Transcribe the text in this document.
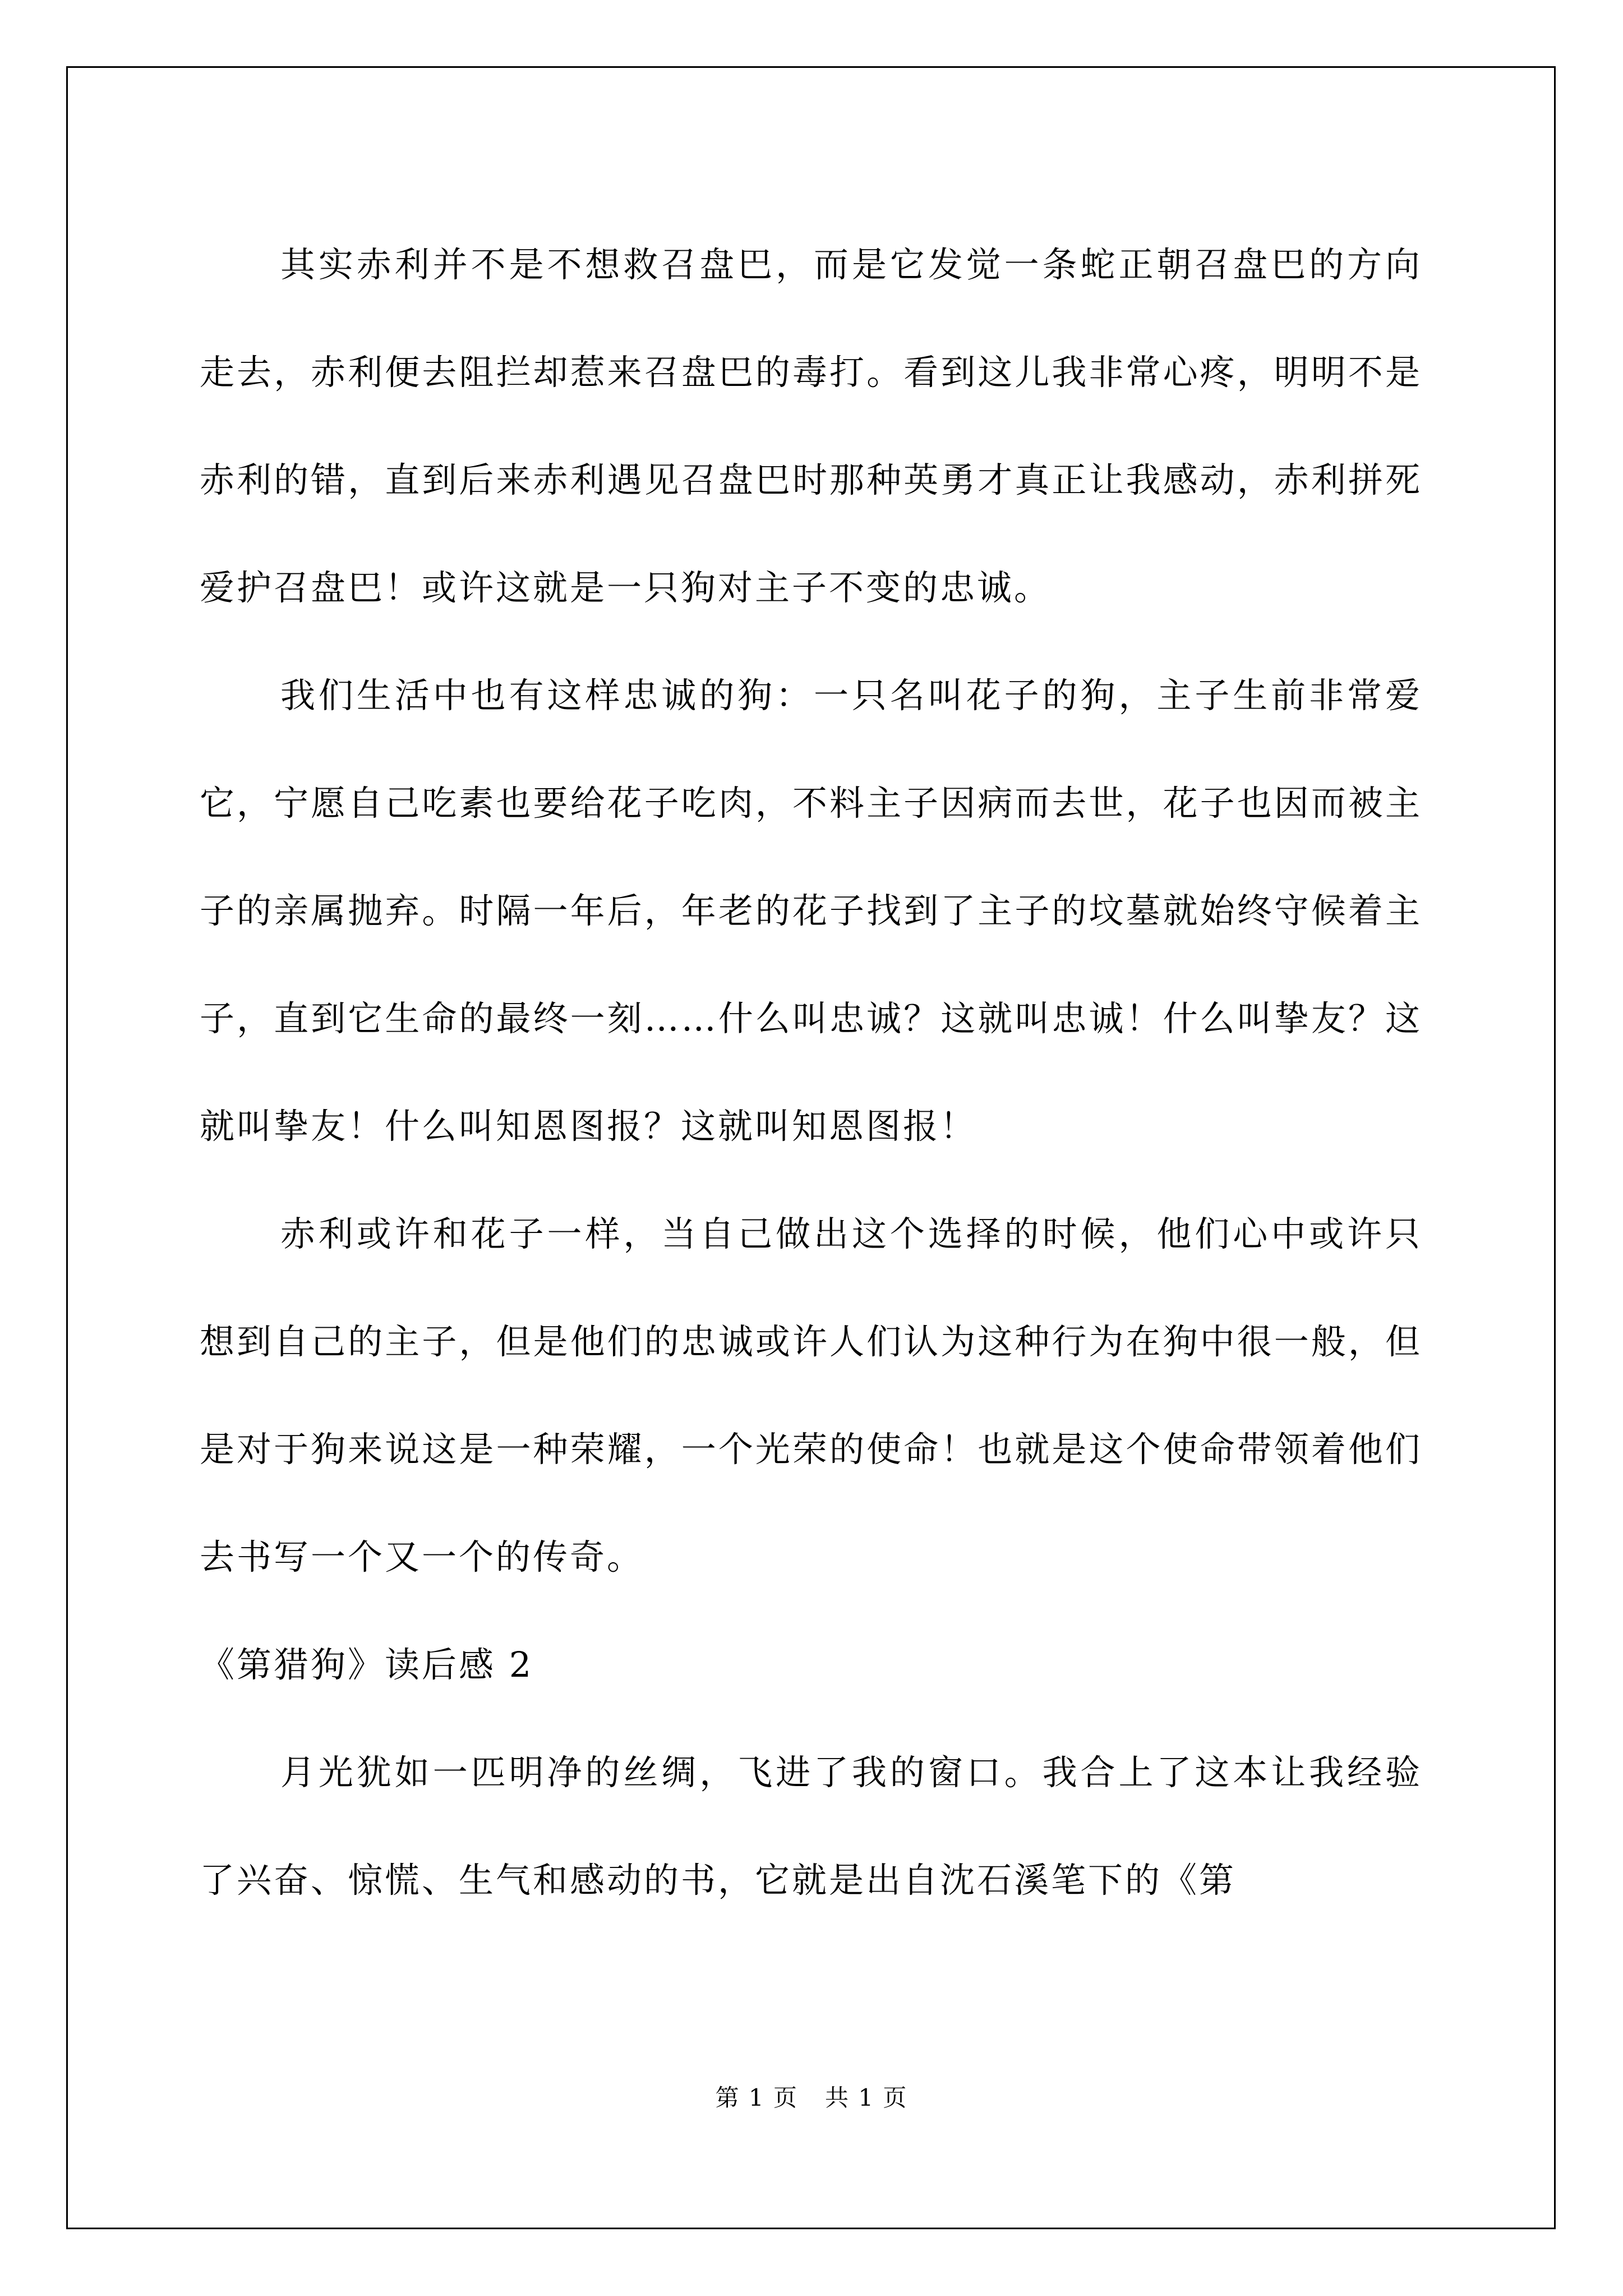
其实赤利并不是不想救召盘巴，而是它发觉一条蛇正朝召盘巴的方向走去，赤利便去阻拦却惹来召盘巴的毒打。看到这儿我非常心疼，明明不是赤利的错，直到后来赤利遇见召盘巴时那种英勇才真正让我感动，赤利拼死爱护召盘巴！或许这就是一只狗对主子不变的忠诚。

我们生活中也有这样忠诚的狗：一只名叫花子的狗，主子生前非常爱它，宁愿自己吃素也要给花子吃肉，不料主子因病而去世，花子也因而被主子的亲属抛弃。时隔一年后，年老的花子找到了主子的坟墓就始终守候着主子，直到它生命的最终一刻……什么叫忠诚？这就叫忠诚！什么叫挚友？这就叫挚友！什么叫知恩图报？这就叫知恩图报！

赤利或许和花子一样，当自己做出这个选择的时候，他们心中或许只想到自己的主子，但是他们的忠诚或许人们认为这种行为在狗中很一般，但是对于狗来说这是一种荣耀，一个光荣的使命！也就是这个使命带领着他们去书写一个又一个的传奇。

《第猎狗》读后感 2

月光犹如一匹明净的丝绸，飞进了我的窗口。我合上了这本让我经验了兴奋、惊慌、生气和感动的书，它就是出自沈石溪笔下的《第

第 1 页 共 1 页
